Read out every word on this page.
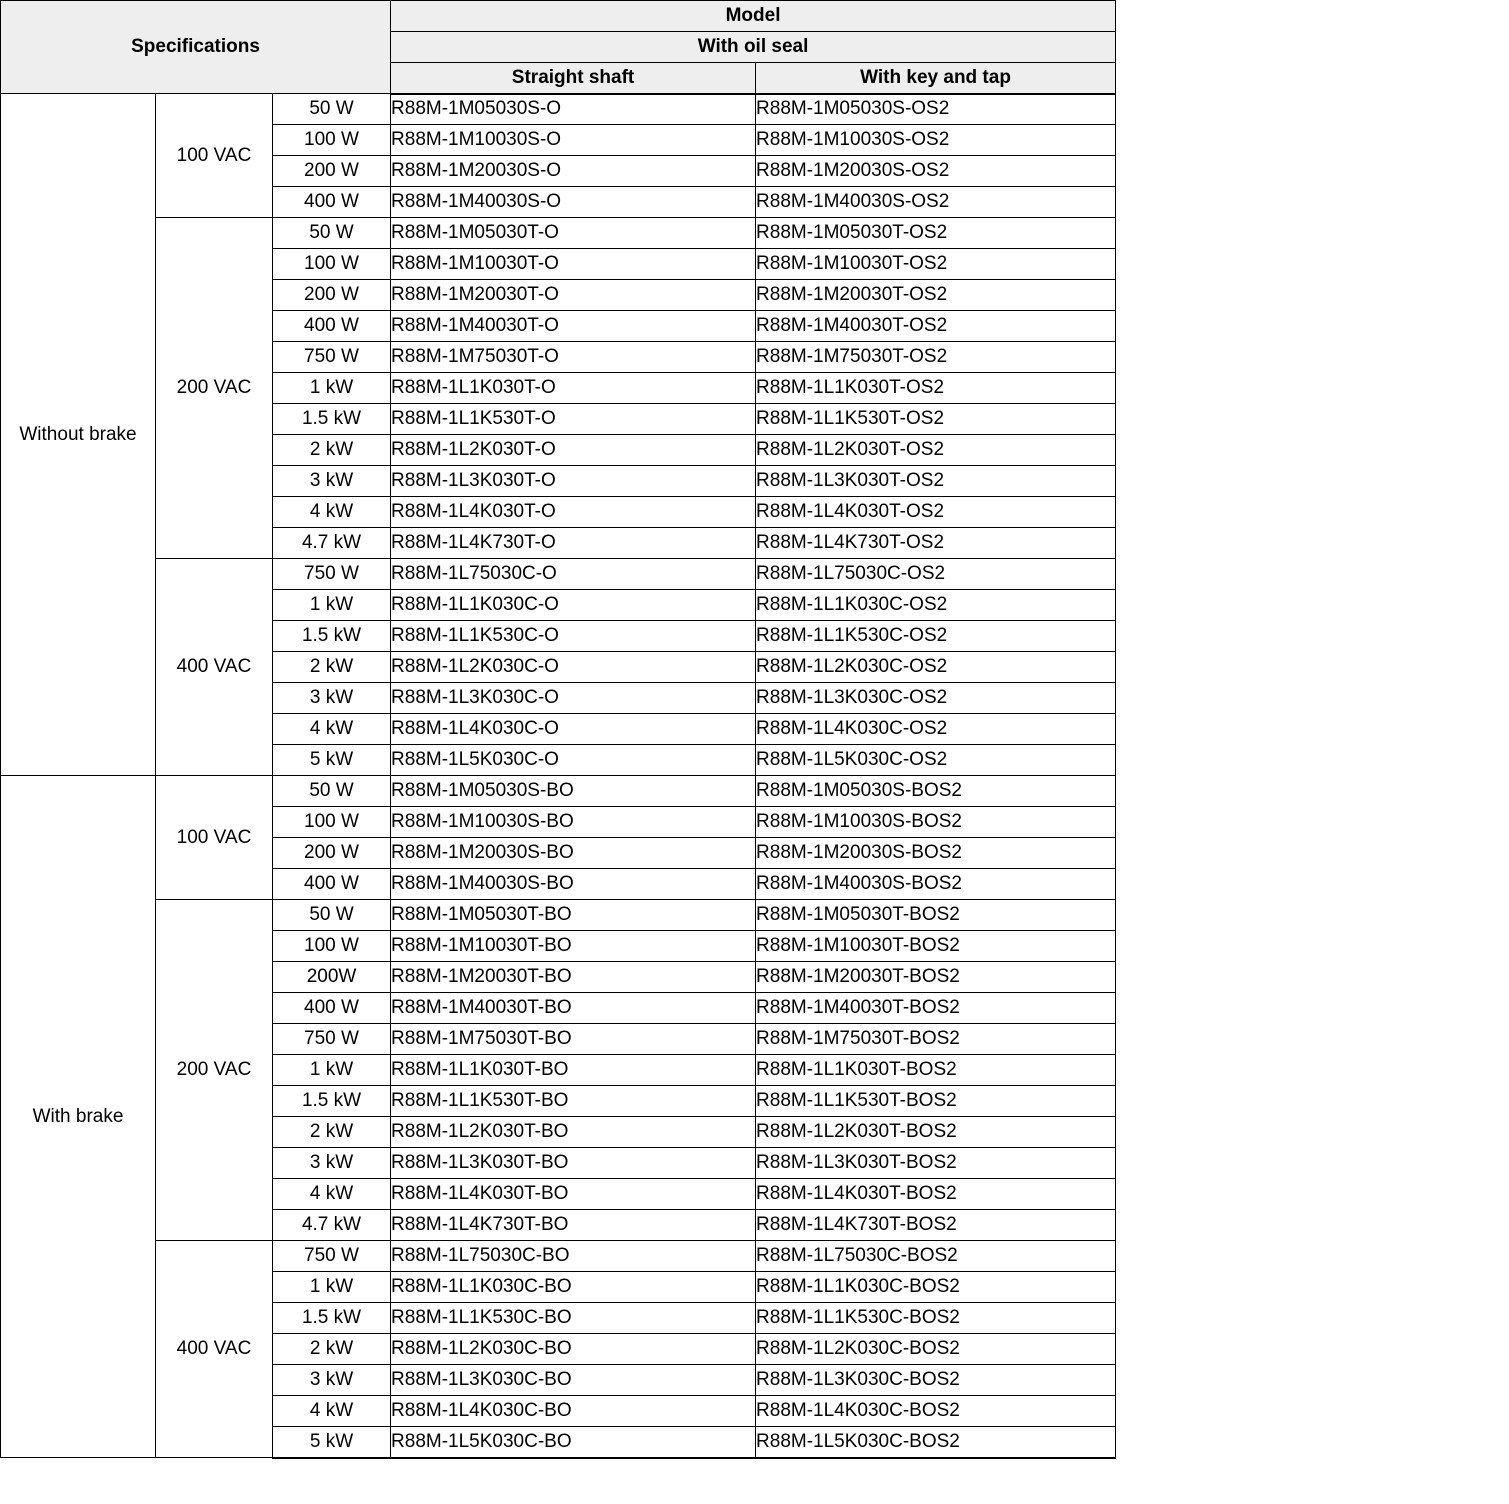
Specifications			Model	
			With oil seal	
			Straight shaft	With key and tap
Without brake	100 VAC	50 W	R88M-1M05030S-O	R88M-1M05030S-OS2
		100 W	R88M-1M10030S-O	R88M-1M10030S-OS2
		200 W	R88M-1M20030S-O	R88M-1M20030S-OS2
		400 W	R88M-1M40030S-O	R88M-1M40030S-OS2
	200 VAC	50 W	R88M-1M05030T-O	R88M-1M05030T-OS2
		100 W	R88M-1M10030T-O	R88M-1M10030T-OS2
		200 W	R88M-1M20030T-O	R88M-1M20030T-OS2
		400 W	R88M-1M40030T-O	R88M-1M40030T-OS2
		750 W	R88M-1M75030T-O	R88M-1M75030T-OS2
		1 kW	R88M-1L1K030T-O	R88M-1L1K030T-OS2
		1.5 kW	R88M-1L1K530T-O	R88M-1L1K530T-OS2
		2 kW	R88M-1L2K030T-O	R88M-1L2K030T-OS2
		3 kW	R88M-1L3K030T-O	R88M-1L3K030T-OS2
		4 kW	R88M-1L4K030T-O	R88M-1L4K030T-OS2
		4.7 kW	R88M-1L4K730T-O	R88M-1L4K730T-OS2
	400 VAC	750 W	R88M-1L75030C-O	R88M-1L75030C-OS2
		1 kW	R88M-1L1K030C-O	R88M-1L1K030C-OS2
		1.5 kW	R88M-1L1K530C-O	R88M-1L1K530C-OS2
		2 kW	R88M-1L2K030C-O	R88M-1L2K030C-OS2
		3 kW	R88M-1L3K030C-O	R88M-1L3K030C-OS2
		4 kW	R88M-1L4K030C-O	R88M-1L4K030C-OS2
		5 kW	R88M-1L5K030C-O	R88M-1L5K030C-OS2
With brake	100 VAC	50 W	R88M-1M05030S-BO	R88M-1M05030S-BOS2
		100 W	R88M-1M10030S-BO	R88M-1M10030S-BOS2
		200 W	R88M-1M20030S-BO	R88M-1M20030S-BOS2
		400 W	R88M-1M40030S-BO	R88M-1M40030S-BOS2
	200 VAC	50 W	R88M-1M05030T-BO	R88M-1M05030T-BOS2
		100 W	R88M-1M10030T-BO	R88M-1M10030T-BOS2
		200W	R88M-1M20030T-BO	R88M-1M20030T-BOS2
		400 W	R88M-1M40030T-BO	R88M-1M40030T-BOS2
		750 W	R88M-1M75030T-BO	R88M-1M75030T-BOS2
		1 kW	R88M-1L1K030T-BO	R88M-1L1K030T-BOS2
		1.5 kW	R88M-1L1K530T-BO	R88M-1L1K530T-BOS2
		2 kW	R88M-1L2K030T-BO	R88M-1L2K030T-BOS2
		3 kW	R88M-1L3K030T-BO	R88M-1L3K030T-BOS2
		4 kW	R88M-1L4K030T-BO	R88M-1L4K030T-BOS2
		4.7 kW	R88M-1L4K730T-BO	R88M-1L4K730T-BOS2
	400 VAC	750 W	R88M-1L75030C-BO	R88M-1L75030C-BOS2
		1 kW	R88M-1L1K030C-BO	R88M-1L1K030C-BOS2
		1.5 kW	R88M-1L1K530C-BO	R88M-1L1K530C-BOS2
		2 kW	R88M-1L2K030C-BO	R88M-1L2K030C-BOS2
		3 kW	R88M-1L3K030C-BO	R88M-1L3K030C-BOS2
		4 kW	R88M-1L4K030C-BO	R88M-1L4K030C-BOS2
		5 kW	R88M-1L5K030C-BO	R88M-1L5K030C-BOS2
